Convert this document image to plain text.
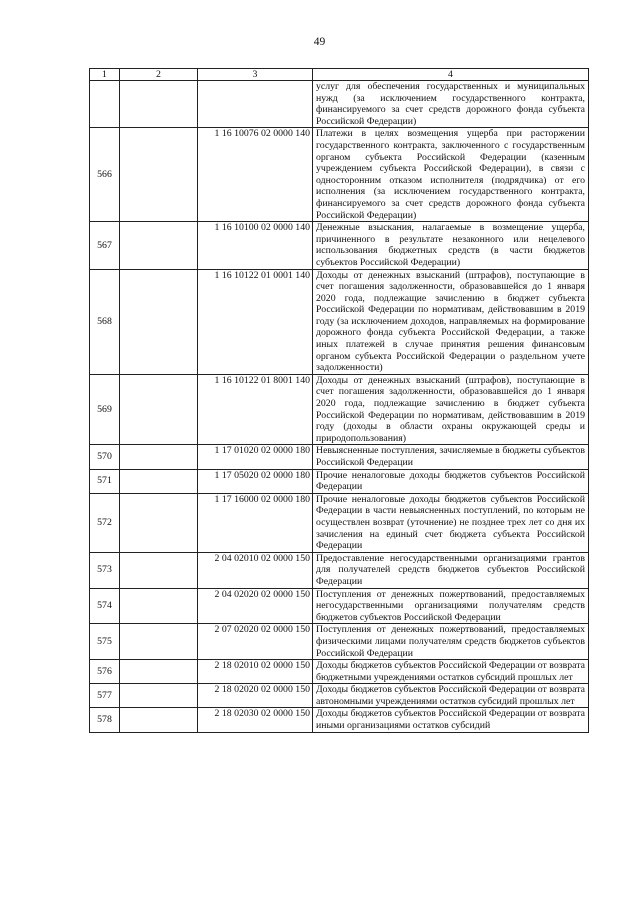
49
1	2	3	4
			услуг для обеспечения государственных и муниципальных нужд (за исключением государственного контракта, финансируемого за счет средств дорожного фонда субъекта Российской Федерации)
566		1 16 10076 02 0000 140	Платежи в целях возмещения ущерба при расторжении государственного контракта, заключенного с государственным органом субъекта Российской Федерации (казенным учреждением субъекта Российской Федерации), в связи с односторонним отказом исполнителя (подрядчика) от его исполнения (за исключением государственного контракта, финансируемого за счет средств дорожного фонда субъекта Российской Федерации)
567		1 16 10100 02 0000 140	Денежные взыскания, налагаемые в возмещение ущерба, причиненного в результате незаконного или нецелевого использования бюджетных средств (в части бюджетов субъектов Российской Федерации)
568		1 16 10122 01 0001 140	Доходы от денежных взысканий (штрафов), поступающие в счет погашения задолженности, образовавшейся до 1 января 2020 года, подлежащие зачислению в бюджет субъекта Российской Федерации по нормативам, действовавшим в 2019 году (за исключением доходов, направляемых на формирование дорожного фонда субъекта Российской Федерации, а также иных платежей в случае принятия решения финансовым органом субъекта Российской Федерации о раздельном учете задолженности)
569		1 16 10122 01 8001 140	Доходы от денежных взысканий (штрафов), поступающие в счет погашения задолженности, образовавшейся до 1 января 2020 года, подлежащие зачислению в бюджет субъекта Российской Федерации по нормативам, действовавшим в 2019 году (доходы в области охраны окружающей среды и природопользования)
570		1 17 01020 02 0000 180	Невыясненные поступления, зачисляемые в бюджеты субъектов Российской Федерации
571		1 17 05020 02 0000 180	Прочие неналоговые доходы бюджетов субъектов Российской Федерации
572		1 17 16000 02 0000 180	Прочие неналоговые доходы бюджетов субъектов Российской Федерации в части невыясненных поступлений, по которым не осуществлен возврат (уточнение) не позднее трех лет со дня их зачисления на единый счет бюджета субъекта Российской Федерации
573		2 04 02010 02 0000 150	Предоставление негосударственными организациями грантов для получателей средств бюджетов субъектов Российской Федерации
574		2 04 02020 02 0000 150	Поступления от денежных пожертвований, предоставляемых негосударственными организациями получателям средств бюджетов субъектов Российской Федерации
575		2 07 02020 02 0000 150	Поступления от денежных пожертвований, предоставляемых физическими лицами получателям средств бюджетов субъектов Российской Федерации
576		2 18 02010 02 0000 150	Доходы бюджетов субъектов Российской Федерации от возврата бюджетными учреждениями остатков субсидий прошлых лет
577		2 18 02020 02 0000 150	Доходы бюджетов субъектов Российской Федерации от возврата автономными учреждениями остатков субсидий прошлых лет
578		2 18 02030 02 0000 150	Доходы бюджетов субъектов Российской Федерации от возврата иными организациями остатков субсидий
